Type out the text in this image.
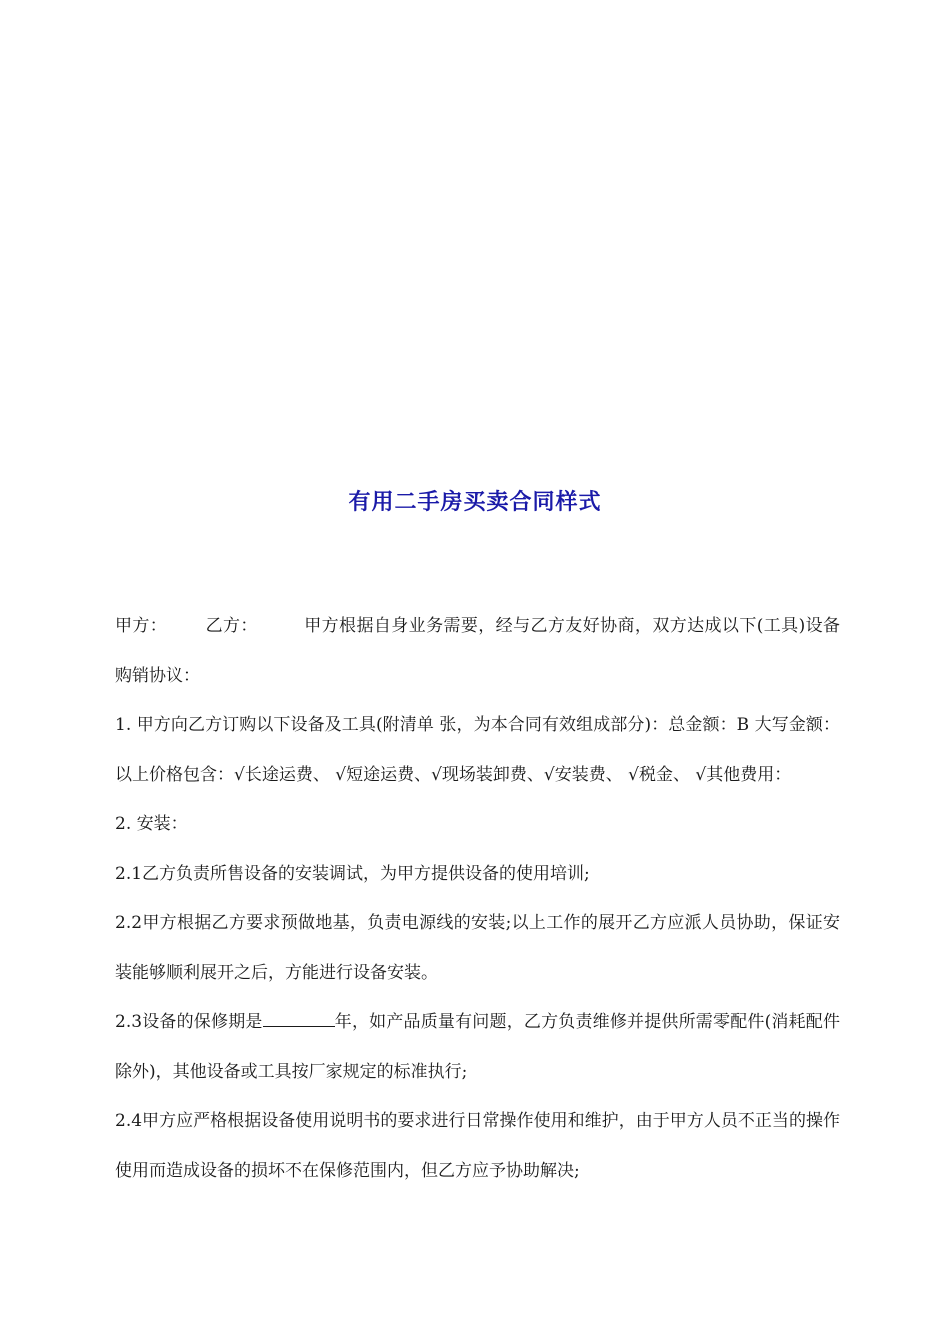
有用二手房买卖合同样式

甲方： 乙方：	甲方根据自身业务需要，经与乙方友好协商，双方达成以下(工具)设备购销协议：

1. 甲方向乙方订购以下设备及工具(附清单 张，为本合同有效组成部分)：总金额：B 大写金额： 以上价格包含：√长途运费、 √短途运费、√现场装卸费、√安装费、 √税金、 √其他费用：

2. 安装：

2.1乙方负责所售设备的安装调试，为甲方提供设备的使用培训;

2.2甲方根据乙方要求预做地基，负责电源线的安装;以上工作的展开乙方应派人员协助，保证安装能够顺利展开之后，方能进行设备安装。

2.3设备的保修期是	年，如产品质量有问题，乙方负责维修并提供所需零配件(消耗配件除外)，其他设备或工具按厂家规定的标准执行;

2.4甲方应严格根据设备使用说明书的要求进行日常操作使用和维护，由于甲方人员不正当的操作使用而造成设备的损坏不在保修范围内，但乙方应予协助解决;
